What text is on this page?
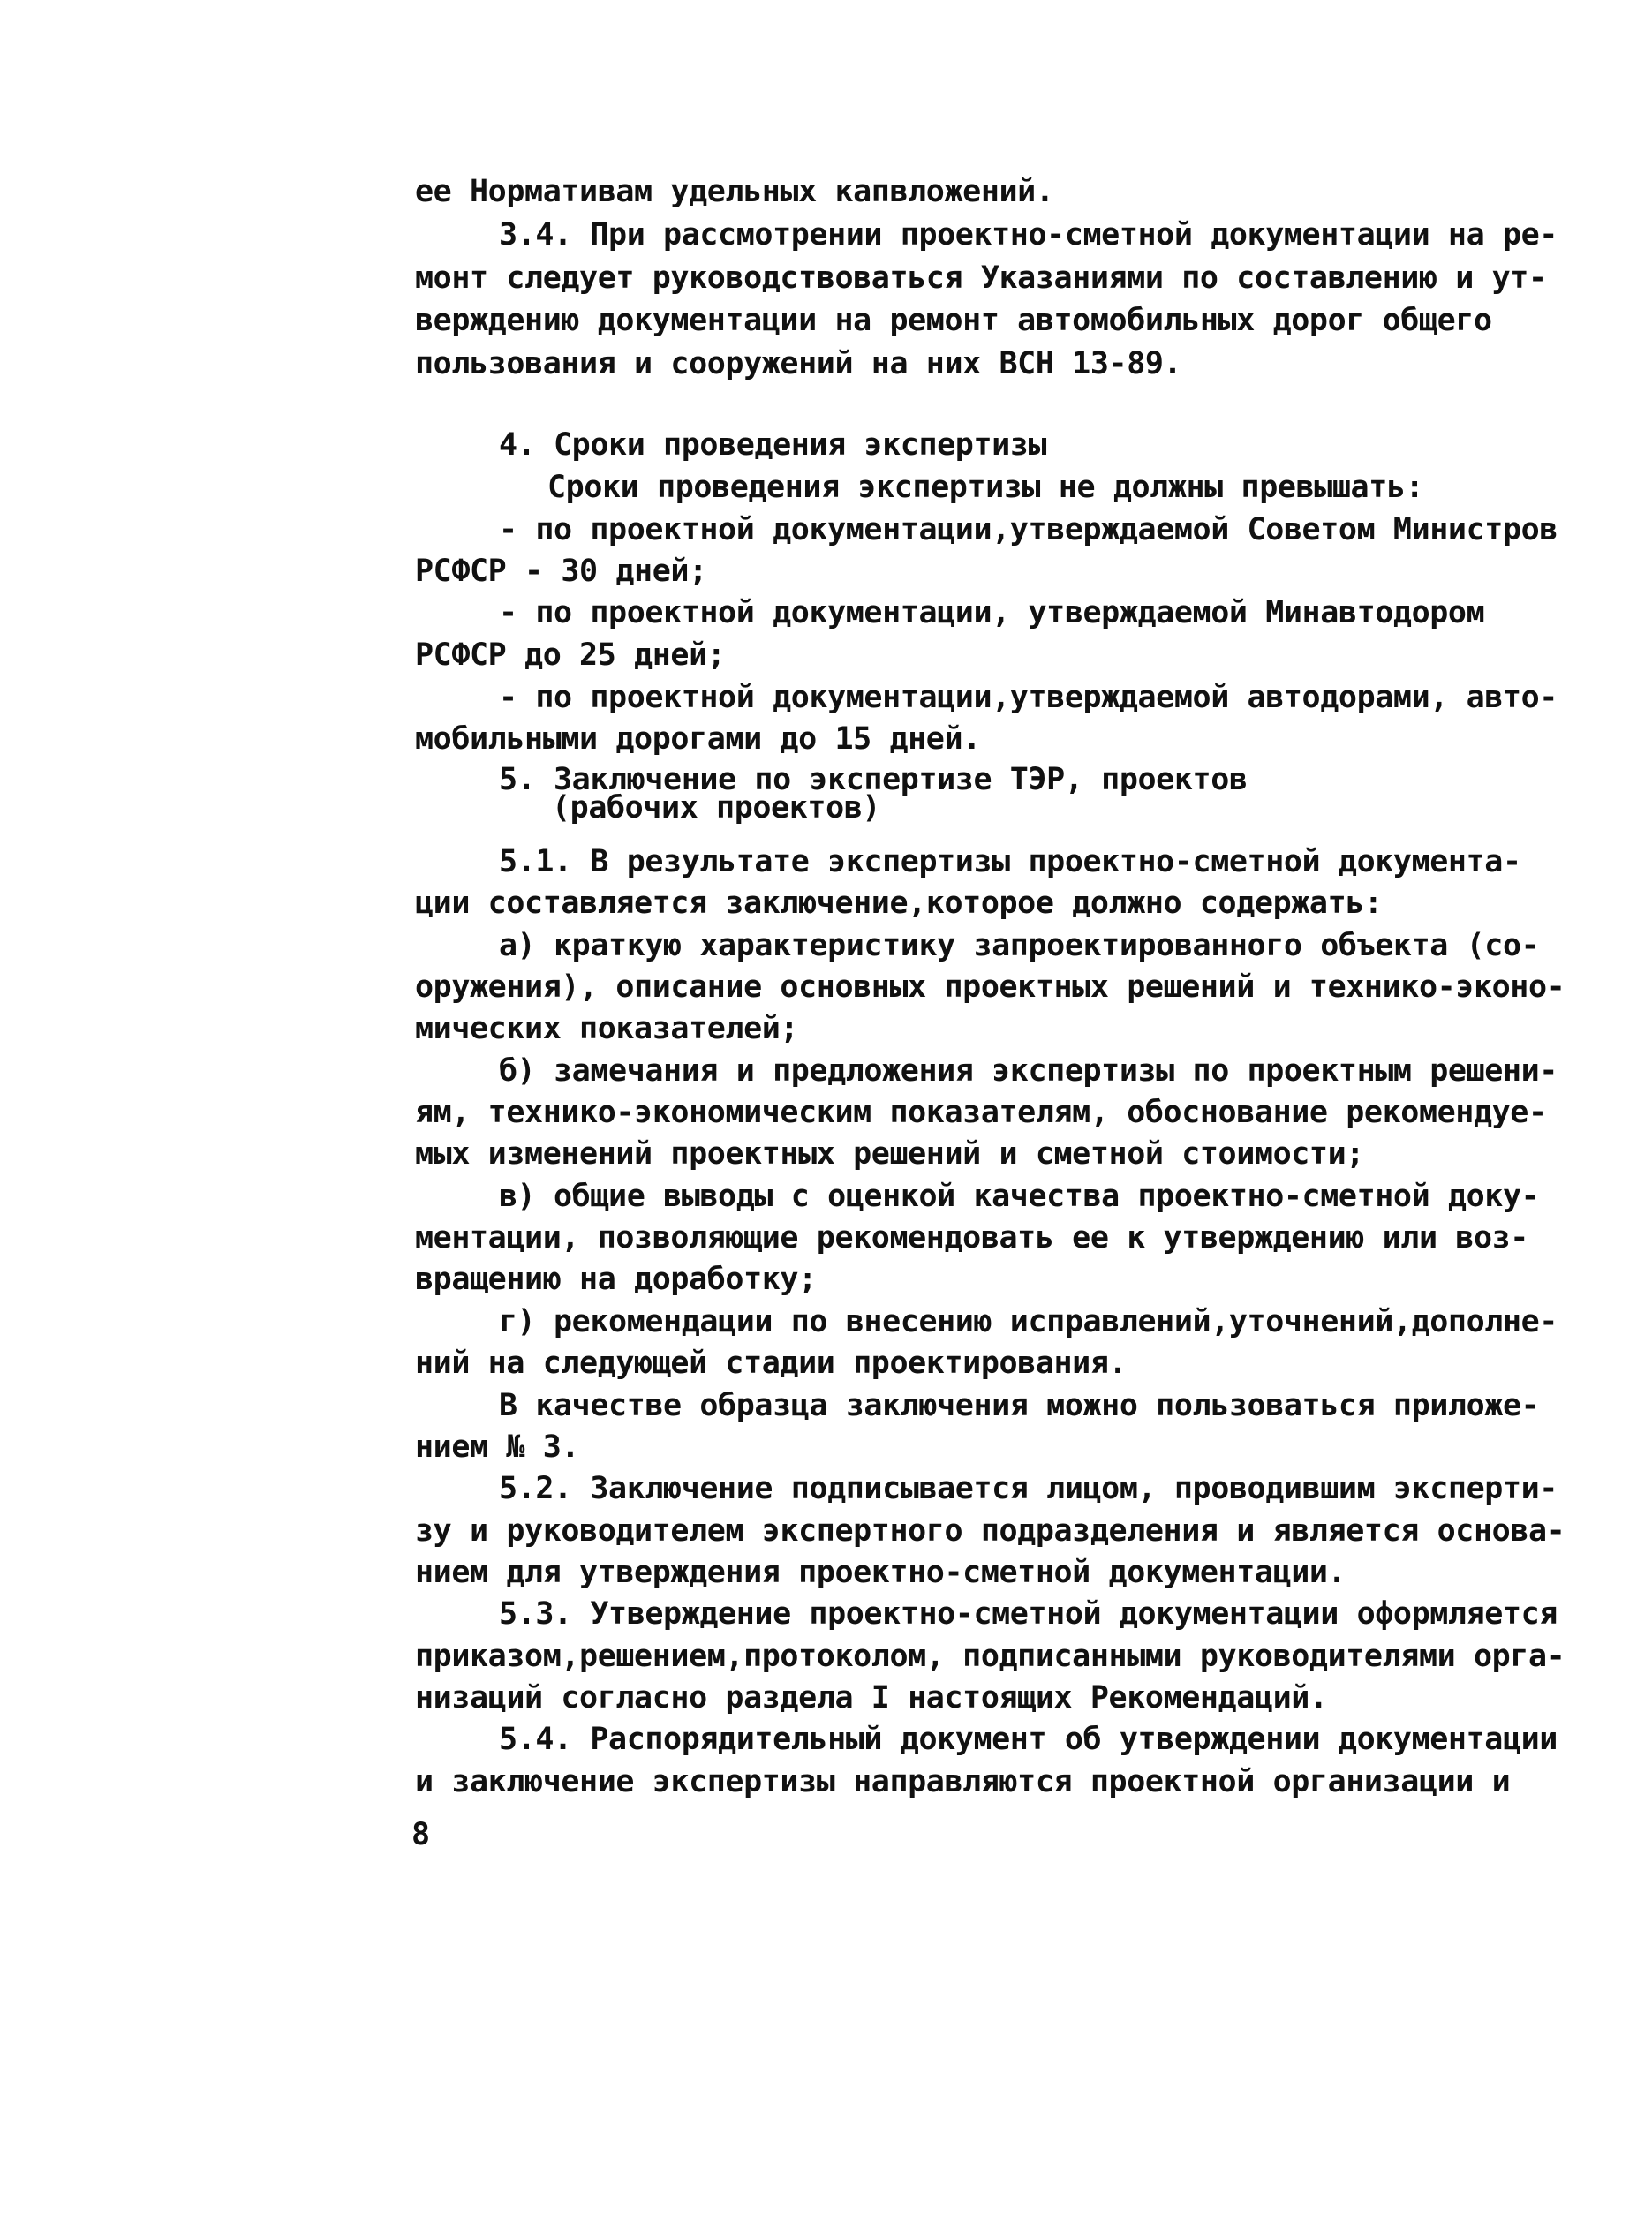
ее Нормативам удельных капвложений.
3.4. При рассмотрении проектно-сметной документации на ре-
монт следует руководствоваться Указаниями по составлению и ут-
верждению документации на ремонт автомобильных дорог общего
пользования и сооружений на них ВСН 13-89.
4. Сроки проведения экспертизы
Сроки проведения экспертизы не должны превышать:
- по проектной документации,утверждаемой Советом Министров
РСФСР - 30 дней;
- по проектной документации, утверждаемой Минавтодором
РСФСР до 25 дней;
- по проектной документации,утверждаемой автодорами, авто-
мобильными дорогами до 15 дней.
5. Заключение по экспертизе ТЭР, проектов
(рабочих проектов)
5.1. В результате экспертизы проектно-сметной документа-
ции составляется заключение,которое должно содержать:
а) краткую характеристику запроектированного объекта (со-
оружения), описание основных проектных решений и технико-эконо-
мических показателей;
б) замечания и предложения экспертизы по проектным решени-
ям, технико-экономическим показателям, обоснование рекомендуе-
мых изменений проектных решений и сметной стоимости;
в) общие выводы с оценкой качества проектно-сметной доку-
ментации, позволяющие рекомендовать ее к утверждению или воз-
вращению на доработку;
г) рекомендации по внесению исправлений,уточнений,дополне-
ний на следующей стадии проектирования.
В качестве образца заключения можно пользоваться приложе-
нием № 3.
5.2. Заключение подписывается лицом, проводившим эксперти-
зу и руководителем экспертного подразделения и является основа-
нием для утверждения проектно-сметной документации.
5.3. Утверждение проектно-сметной документации оформляется
приказом,решением,протоколом, подписанными руководителями орга-
низаций согласно раздела I настоящих Рекомендаций.
5.4. Распорядительный документ об утверждении документации
и заключение экспертизы направляются проектной организации и
8
